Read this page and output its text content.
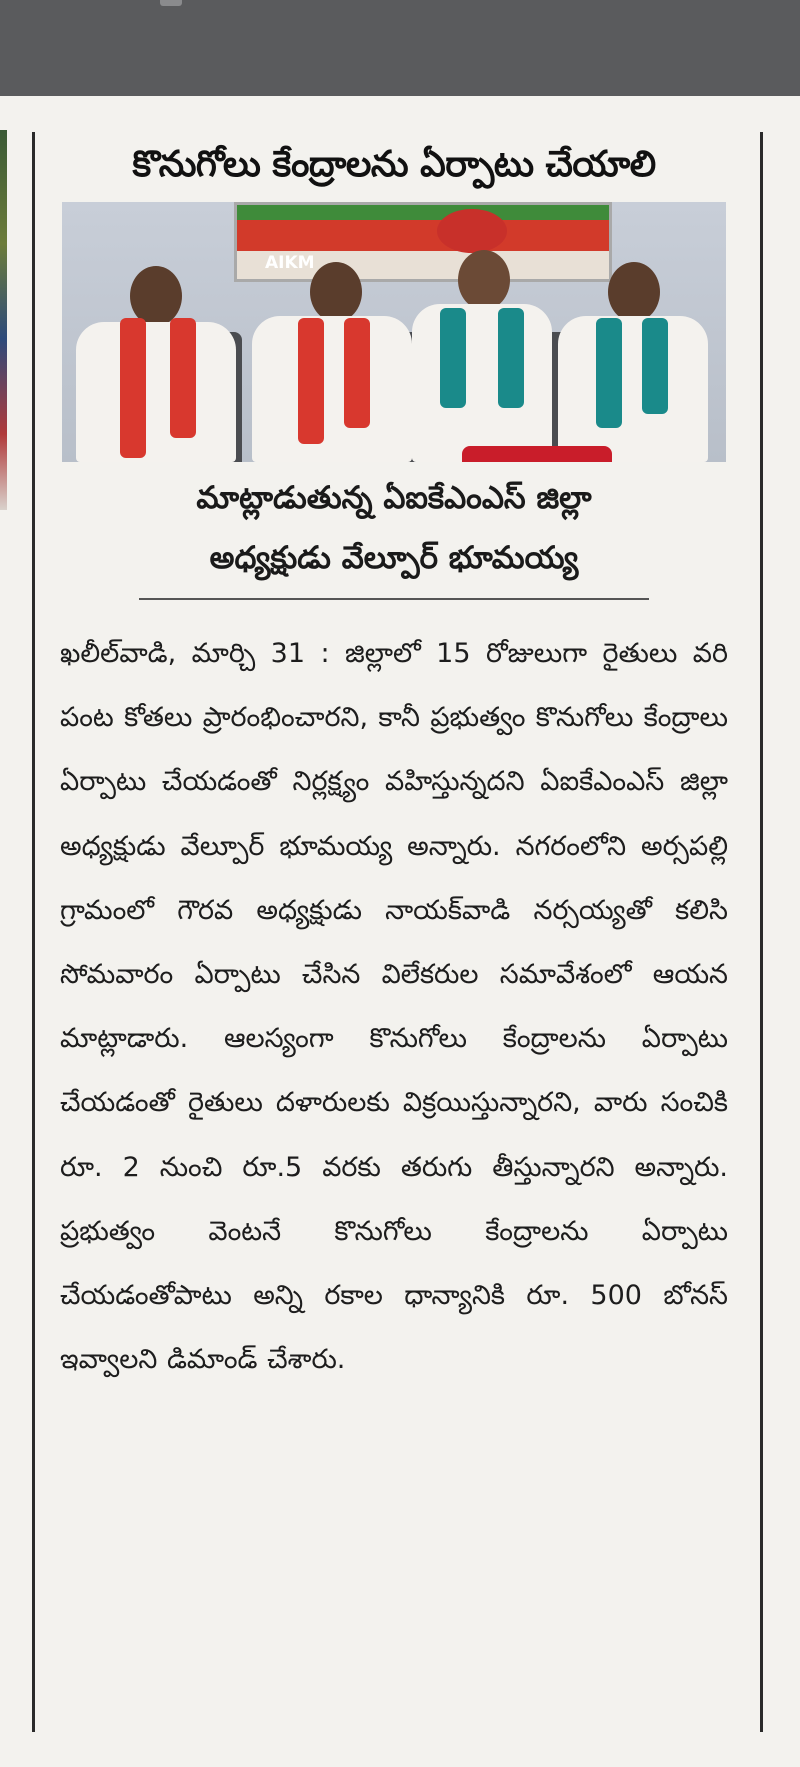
కొనుగోలు కేంద్రాలను ఏర్పాటు చేయాలి
AIKM
మాట్లాడుతున్న ఏఐకేఎంఎస్ జిల్లా
అధ్యక్షుడు వేల్పూర్ భూమయ్య

ఖలీల్‌వాడి, మార్చి 31 : జిల్లాలో 15 రోజులుగా రైతులు వరి పంట కోతలు ప్రారంభించారని, కానీ ప్రభుత్వం కొనుగోలు కేంద్రాలు ఏర్పాటు చేయడంతో నిర్లక్ష్యం వహిస్తున్నదని ఏఐకేఎంఎస్ జిల్లా అధ్యక్షుడు వేల్పూర్ భూమయ్య అన్నారు. నగరంలోని అర్సపల్లి గ్రామంలో గౌరవ అధ్యక్షుడు నాయక్‌వాడి నర్సయ్యతో కలిసి సోమవారం ఏర్పాటు చేసిన విలేకరుల సమావేశంలో ఆయన మాట్లాడారు. ఆలస్యంగా కొనుగోలు కేంద్రాలను ఏర్పాటు చేయడంతో రైతులు దళారులకు విక్రయిస్తున్నారని, వారు సంచికి రూ. 2 నుంచి రూ.5 వరకు తరుగు తీస్తున్నారని అన్నారు. ప్రభుత్వం వెంటనే కొనుగోలు కేంద్రాలను ఏర్పాటు చేయడంతోపాటు అన్ని రకాల ధాన్యానికి రూ. 500 బోనస్ ఇవ్వాలని డిమాండ్ చేశారు.
